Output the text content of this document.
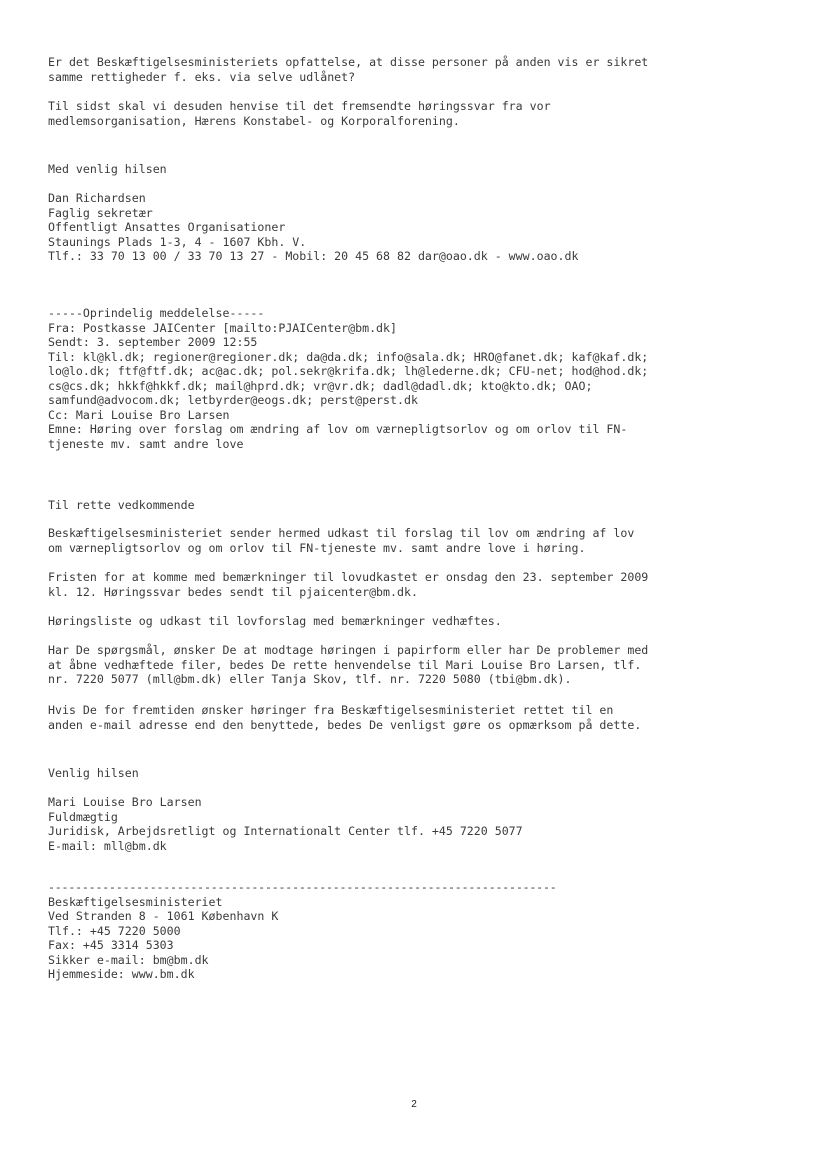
Er det Beskæftigelsesministeriets opfattelse, at disse personer på anden vis er sikret
samme rettigheder f. eks. via selve udlånet?
Til sidst skal vi desuden henvise til det fremsendte høringssvar fra vor
medlemsorganisation, Hærens Konstabel- og Korporalforening.
Med venlig hilsen
Dan Richardsen
Faglig sekretær
Offentligt Ansattes Organisationer
Staunings Plads 1-3, 4 - 1607 Kbh. V.
Tlf.: 33 70 13 00 / 33 70 13 27 - Mobil: 20 45 68 82 dar@oao.dk - www.oao.dk
-----Oprindelig meddelelse-----
Fra: Postkasse JAICenter [mailto:PJAICenter@bm.dk]
Sendt: 3. september 2009 12:55
Til: kl@kl.dk; regioner@regioner.dk; da@da.dk; info@sala.dk; HRO@fanet.dk; kaf@kaf.dk;
lo@lo.dk; ftf@ftf.dk; ac@ac.dk; pol.sekr@krifa.dk; lh@lederne.dk; CFU-net; hod@hod.dk;
cs@cs.dk; hkkf@hkkf.dk; mail@hprd.dk; vr@vr.dk; dadl@dadl.dk; kto@kto.dk; OAO;
samfund@advocom.dk; letbyrder@eogs.dk; perst@perst.dk
Cc: Mari Louise Bro Larsen
Emne: Høring over forslag om ændring af lov om værnepligtsorlov og om orlov til FN-
tjeneste mv. samt andre love
Til rette vedkommende
Beskæftigelsesministeriet sender hermed udkast til forslag til lov om ændring af lov
om værnepligtsorlov og om orlov til FN-tjeneste mv. samt andre love i høring.
Fristen for at komme med bemærkninger til lovudkastet er onsdag den 23. september 2009
kl. 12. Høringssvar bedes sendt til pjaicenter@bm.dk.
Høringsliste og udkast til lovforslag med bemærkninger vedhæftes.
Har De spørgsmål, ønsker De at modtage høringen i papirform eller har De problemer med
at åbne vedhæftede filer, bedes De rette henvendelse til Mari Louise Bro Larsen, tlf.
nr. 7220 5077 (mll@bm.dk) eller Tanja Skov, tlf. nr. 7220 5080 (tbi@bm.dk).
Hvis De for fremtiden ønsker høringer fra Beskæftigelsesministeriet rettet til en
anden e-mail adresse end den benyttede, bedes De venligst gøre os opmærksom på dette.
Venlig hilsen
Mari Louise Bro Larsen
Fuldmægtig
Juridisk, Arbejdsretligt og Internationalt Center tlf. +45 7220 5077
E-mail: mll@bm.dk
---------------------------------------------------------------------------
Beskæftigelsesministeriet
Ved Stranden 8 - 1061 København K
Tlf.: +45 7220 5000
Fax: +45 3314 5303
Sikker e-mail: bm@bm.dk
Hjemmeside: www.bm.dk
2
